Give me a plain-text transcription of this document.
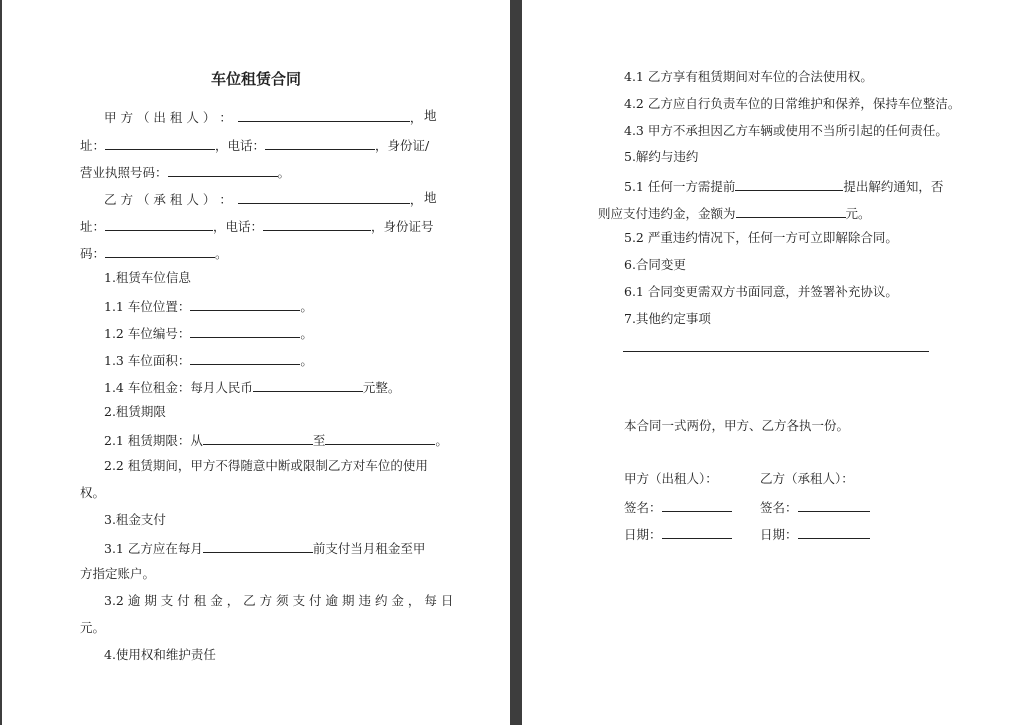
车位租赁合同
甲 方 （ 出 租 人 ） ：	， 地
址：	，电话：	，身份证/
营业执照号码：	。
乙 方 （ 承 租 人 ） ：	， 地
址：	，电话：	，身份证号
码：	。
1.租赁车位信息
1.1 车位位置：	。
1.2 车位编号：	。
1.3 车位面积：	。
1.4 车位租金：每月人民币	元整。
2.租赁期限
2.1 租赁期限：从	至	。
2.2 租赁期间，甲方不得随意中断或限制乙方对车位的使用
权。
3.租金支付
3.1 乙方应在每月	前支付当月租金至甲
方指定账户。
3.2 逾 期 支 付 租 金 ， 乙 方 须 支 付 逾 期 违 约 金 ， 每 日
元。
4.使用权和维护责任
4.1 乙方享有租赁期间对车位的合法使用权。
4.2 乙方应自行负责车位的日常维护和保养，保持车位整洁。
4.3 甲方不承担因乙方车辆或使用不当所引起的任何责任。
5.解约与违约
5.1 任何一方需提前	提出解约通知，否
则应支付违约金，金额为	元。
5.2 严重违约情况下，任何一方可立即解除合同。
6.合同变更
6.1 合同变更需双方书面同意，并签署补充协议。
7.其他约定事项
本合同一式两份，甲方、乙方各执一份。
甲方（出租人）：	乙方（承租人）：
签名：	签名：
日期：	日期：
